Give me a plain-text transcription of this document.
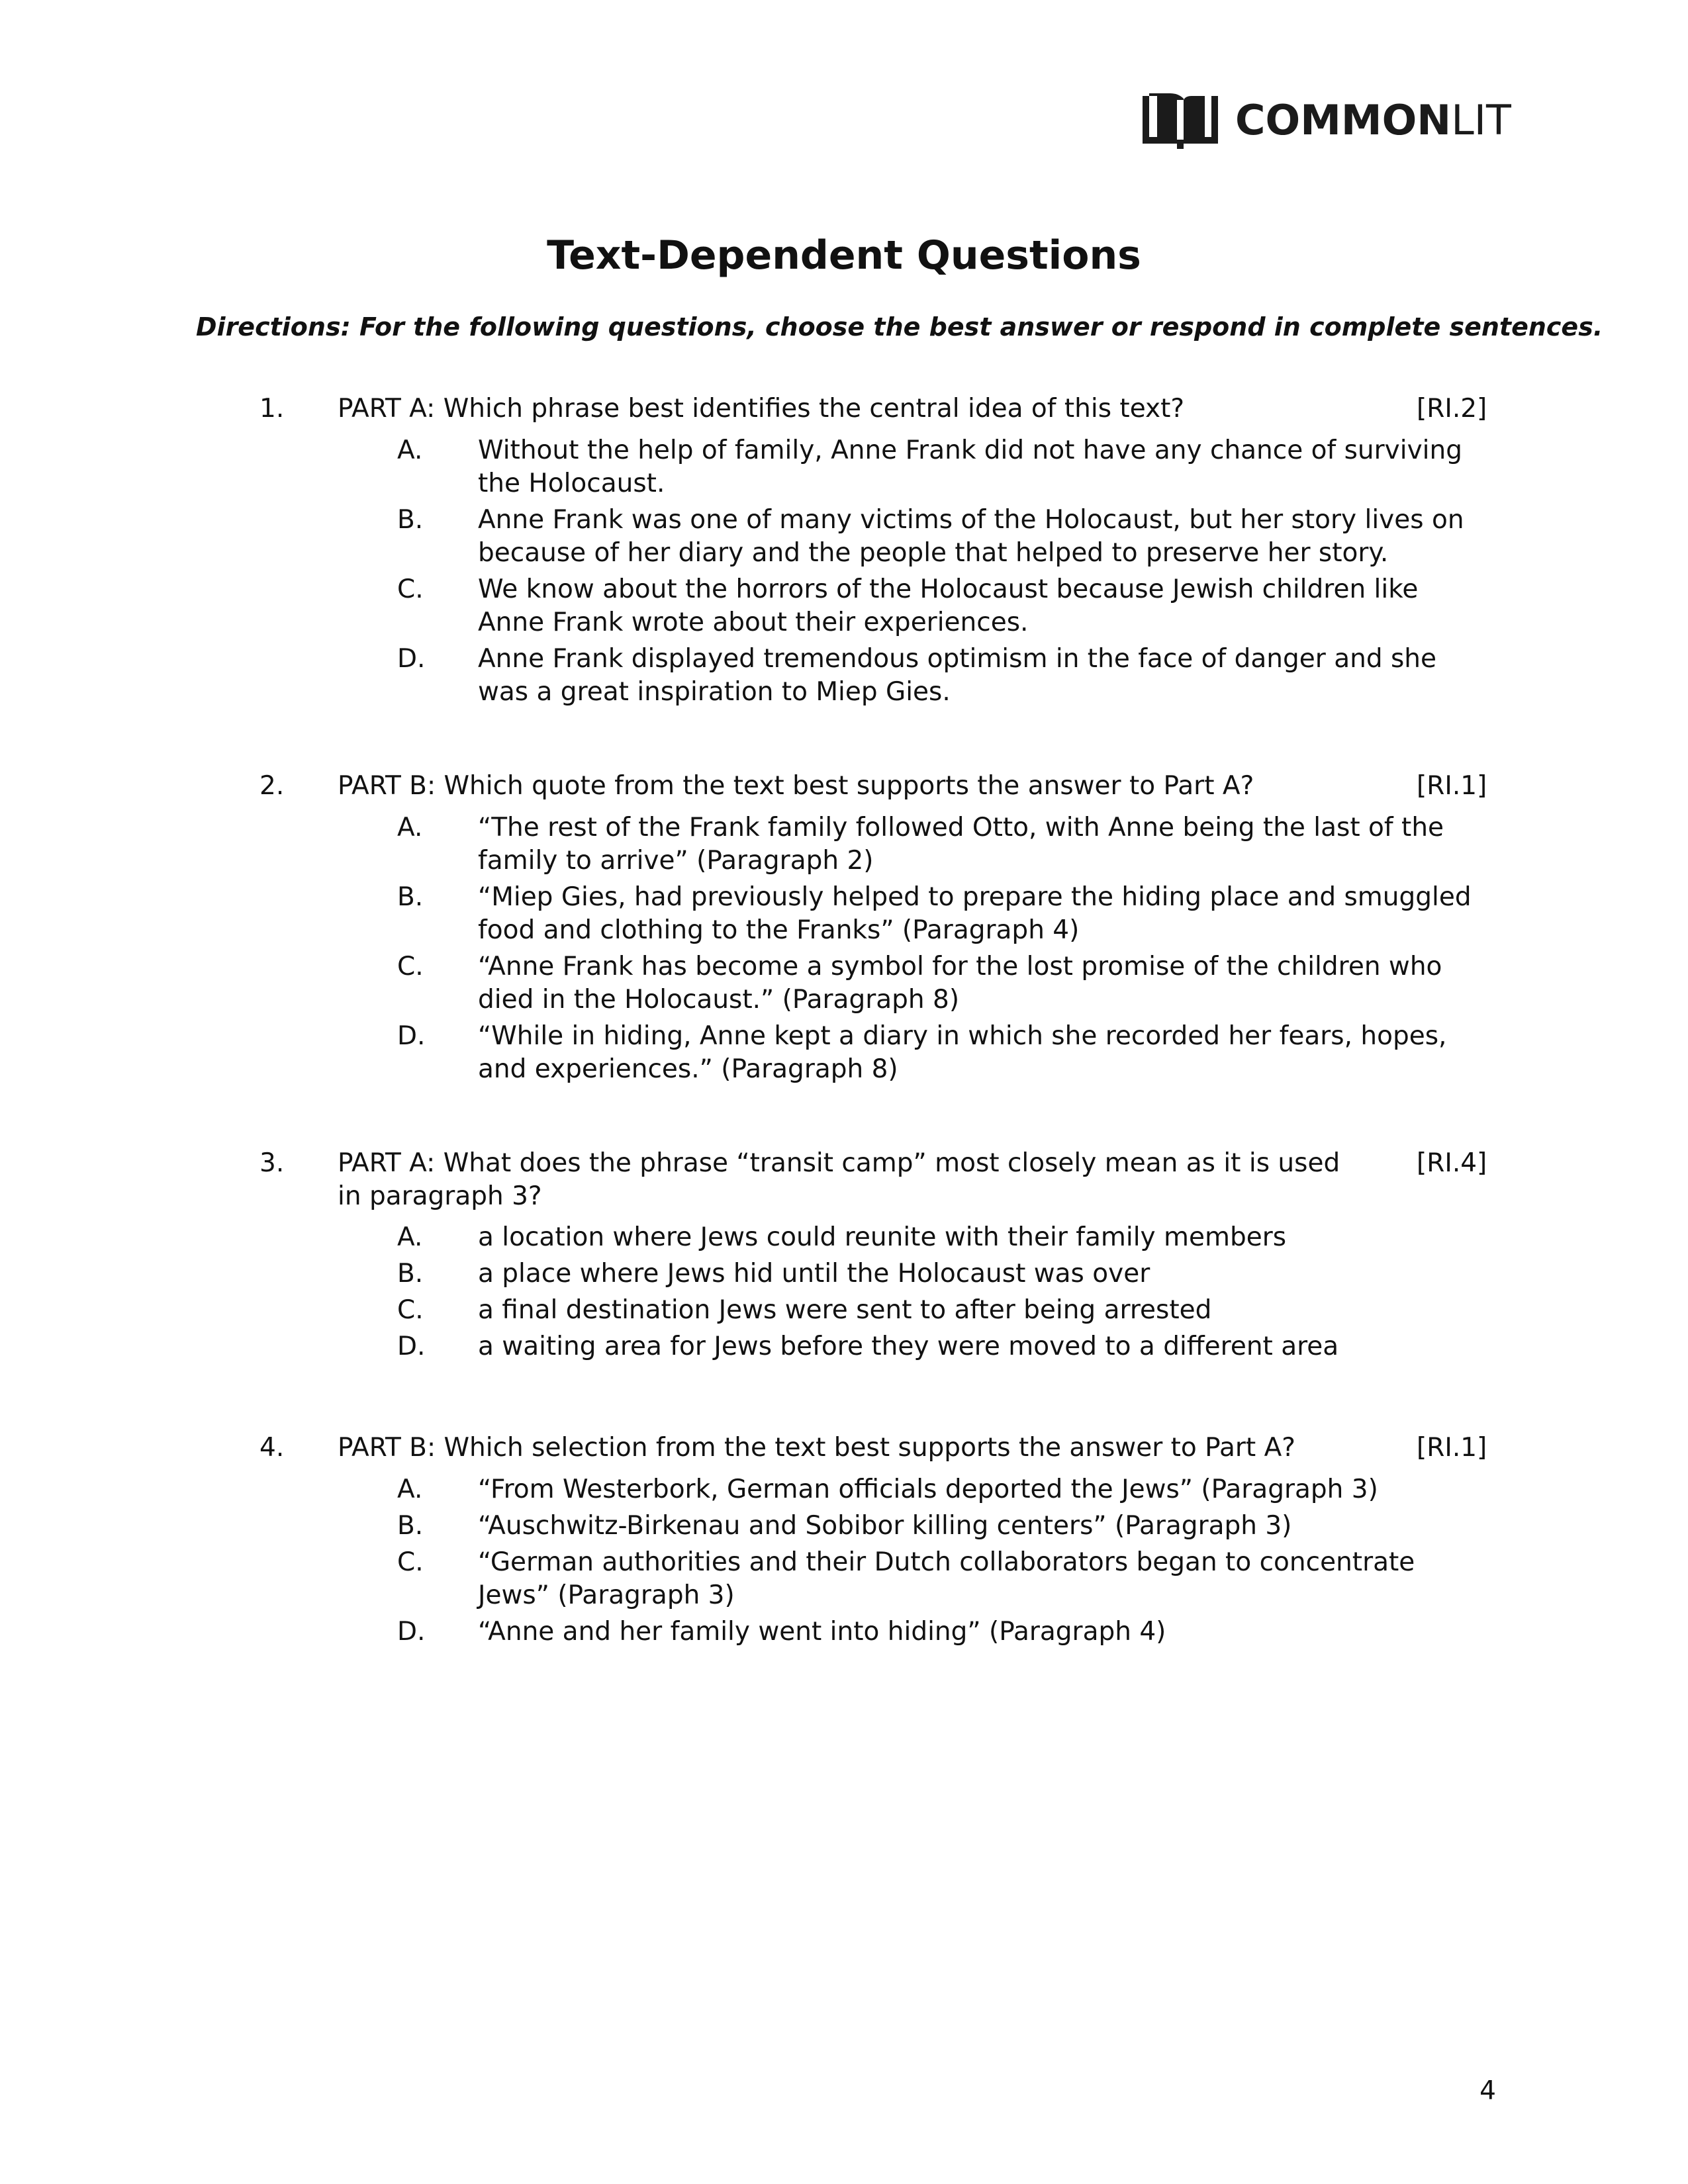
COMMONLIT
Text-Dependent Questions
Directions: For the following questions, choose the best answer or respond in complete sentences.
1. PART A: Which phrase best identifies the central idea of this text?	[RI.2]
A. Without the help of family, Anne Frank did not have any chance of surviving the Holocaust.
B. Anne Frank was one of many victims of the Holocaust, but her story lives on because of her diary and the people that helped to preserve her story.
C. We know about the horrors of the Holocaust because Jewish children like Anne Frank wrote about their experiences.
D. Anne Frank displayed tremendous optimism in the face of danger and she was a great inspiration to Miep Gies.
2. PART B: Which quote from the text best supports the answer to Part A?	[RI.1]
A. “The rest of the Frank family followed Otto, with Anne being the last of the family to arrive” (Paragraph 2)
B. “Miep Gies, had previously helped to prepare the hiding place and smuggled food and clothing to the Franks” (Paragraph 4)
C. “Anne Frank has become a symbol for the lost promise of the children who died in the Holocaust.” (Paragraph 8)
D. “While in hiding, Anne kept a diary in which she recorded her fears, hopes, and experiences.” (Paragraph 8)
3. PART A: What does the phrase “transit camp” most closely mean as it is used in paragraph 3?
[RI.4]
A. a location where Jews could reunite with their family members
B. a place where Jews hid until the Holocaust was over
C. a final destination Jews were sent to after being arrested
D. a waiting area for Jews before they were moved to a different area
4. PART B: Which selection from the text best supports the answer to Part A?	[RI.1]
A. “From Westerbork, German officials deported the Jews” (Paragraph 3)
B. “Auschwitz-Birkenau and Sobibor killing centers” (Paragraph 3)
C. “German authorities and their Dutch collaborators began to concentrate Jews” (Paragraph 3)
D. “Anne and her family went into hiding” (Paragraph 4)
4
